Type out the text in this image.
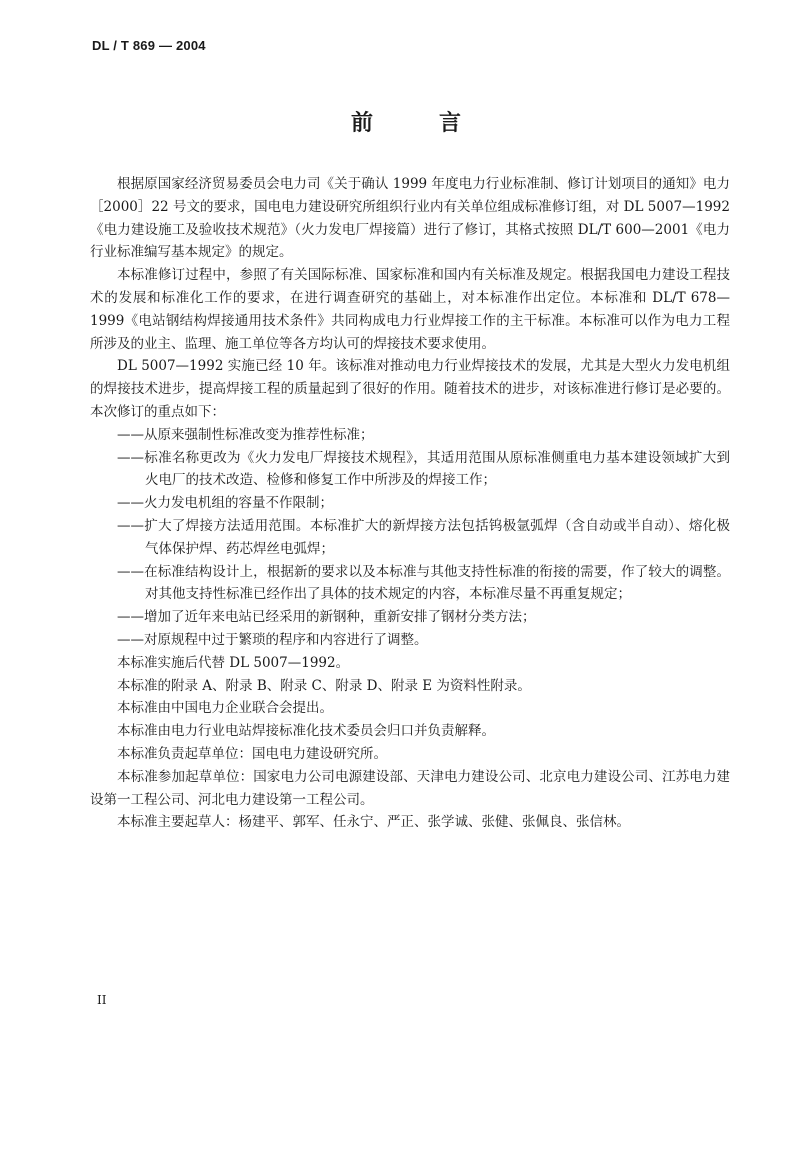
DL / T 869 — 2004
前　言

根据原国家经济贸易委员会电力司《关于确认 1999 年度电力行业标准制、修订计划项目的通知》电力［2000］22 号文的要求，国电电力建设研究所组织行业内有关单位组成标准修订组，对 DL 5007—1992《电力建设施工及验收技术规范》（火力发电厂焊接篇）进行了修订，其格式按照 DL/T 600—2001《电力行业标准编写基本规定》的规定。

本标准修订过程中，参照了有关国际标准、国家标准和国内有关标准及规定。根据我国电力建设工程技术的发展和标准化工作的要求，在进行调查研究的基础上，对本标准作出定位。本标准和 DL/T 678—1999《电站钢结构焊接通用技术条件》共同构成电力行业焊接工作的主干标准。本标准可以作为电力工程所涉及的业主、监理、施工单位等各方均认可的焊接技术要求使用。

DL 5007—1992 实施已经 10 年。该标准对推动电力行业焊接技术的发展，尤其是大型火力发电机组的焊接技术进步，提高焊接工程的质量起到了很好的作用。随着技术的进步，对该标准进行修订是必要的。本次修订的重点如下：

——从原来强制性标准改变为推荐性标准；

——标准名称更改为《火力发电厂焊接技术规程》，其适用范围从原标准侧重电力基本建设领域扩大到火电厂的技术改造、检修和修复工作中所涉及的焊接工作；

——火力发电机组的容量不作限制；

——扩大了焊接方法适用范围。本标准扩大的新焊接方法包括钨极氩弧焊（含自动或半自动）、熔化极气体保护焊、药芯焊丝电弧焊；

——在标准结构设计上，根据新的要求以及本标准与其他支持性标准的衔接的需要，作了较大的调整。对其他支持性标准已经作出了具体的技术规定的内容，本标准尽量不再重复规定；

——增加了近年来电站已经采用的新钢种，重新安排了钢材分类方法；

——对原规程中过于繁琐的程序和内容进行了调整。

本标准实施后代替 DL 5007—1992。

本标准的附录 A、附录 B、附录 C、附录 D、附录 E 为资料性附录。

本标准由中国电力企业联合会提出。

本标准由电力行业电站焊接标准化技术委员会归口并负责解释。

本标准负责起草单位：国电电力建设研究所。

本标准参加起草单位：国家电力公司电源建设部、天津电力建设公司、北京电力建设公司、江苏电力建设第一工程公司、河北电力建设第一工程公司。

本标准主要起草人：杨建平、郭军、任永宁、严正、张学诚、张健、张佩良、张信林。

II
